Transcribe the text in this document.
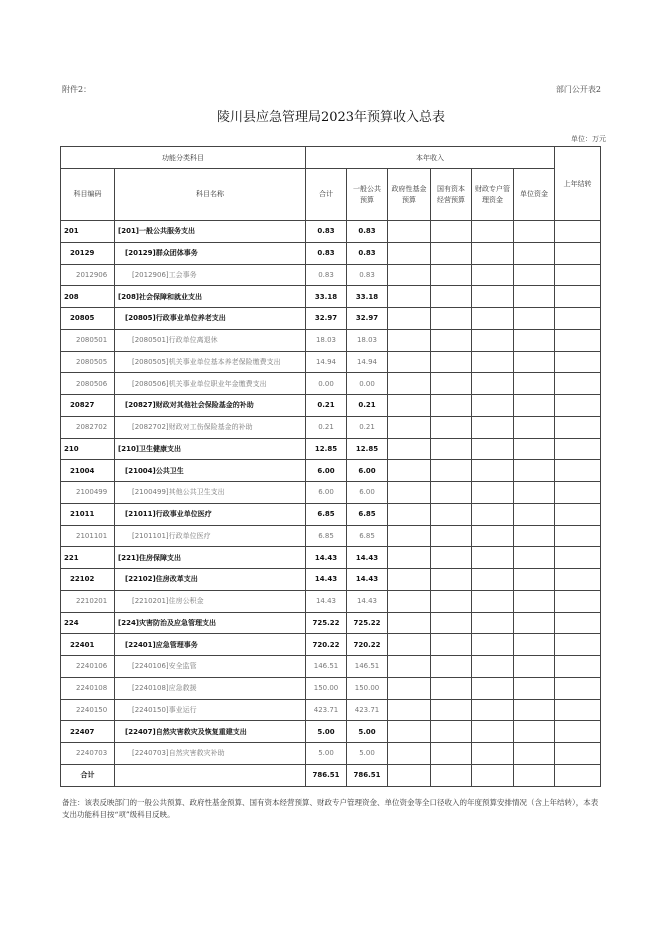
附件2：	部门公开表2
陵川县应急管理局2023年预算收入总表
单位：万元
功能分类科目		本年收入						上年结转
科目编码	科目名称	合计	一般公共预算	政府性基金预算	国有资本经营预算	财政专户管理资金	单位资金	
201	[201]一般公共服务支出	0.83	0.83					
20129	[20129]群众团体事务	0.83	0.83					
2012906	[2012906]工会事务	0.83	0.83					
208	[208]社会保障和就业支出	33.18	33.18					
20805	[20805]行政事业单位养老支出	32.97	32.97					
2080501	[2080501]行政单位离退休	18.03	18.03					
2080505	[2080505]机关事业单位基本养老保险缴费支出	14.94	14.94					
2080506	[2080506]机关事业单位职业年金缴费支出	0.00	0.00					
20827	[20827]财政对其他社会保险基金的补助	0.21	0.21					
2082702	[2082702]财政对工伤保险基金的补助	0.21	0.21					
210	[210]卫生健康支出	12.85	12.85					
21004	[21004]公共卫生	6.00	6.00					
2100499	[2100499]其他公共卫生支出	6.00	6.00					
21011	[21011]行政事业单位医疗	6.85	6.85					
2101101	[2101101]行政单位医疗	6.85	6.85					
221	[221]住房保障支出	14.43	14.43					
22102	[22102]住房改革支出	14.43	14.43					
2210201	[2210201]住房公积金	14.43	14.43					
224	[224]灾害防治及应急管理支出	725.22	725.22					
22401	[22401]应急管理事务	720.22	720.22					
2240106	[2240106]安全监管	146.51	146.51					
2240108	[2240108]应急救援	150.00	150.00					
2240150	[2240150]事业运行	423.71	423.71					
22407	[22407]自然灾害救灾及恢复重建支出	5.00	5.00					
2240703	[2240703]自然灾害救灾补助	5.00	5.00					
合计		786.51	786.51					
备注：该表反映部门的一般公共预算、政府性基金预算、国有资本经营预算、财政专户管理资金、单位资金等全口径收入的年度预算安排情况（含上年结转），本表支出功能科目按“项”级科目反映。
